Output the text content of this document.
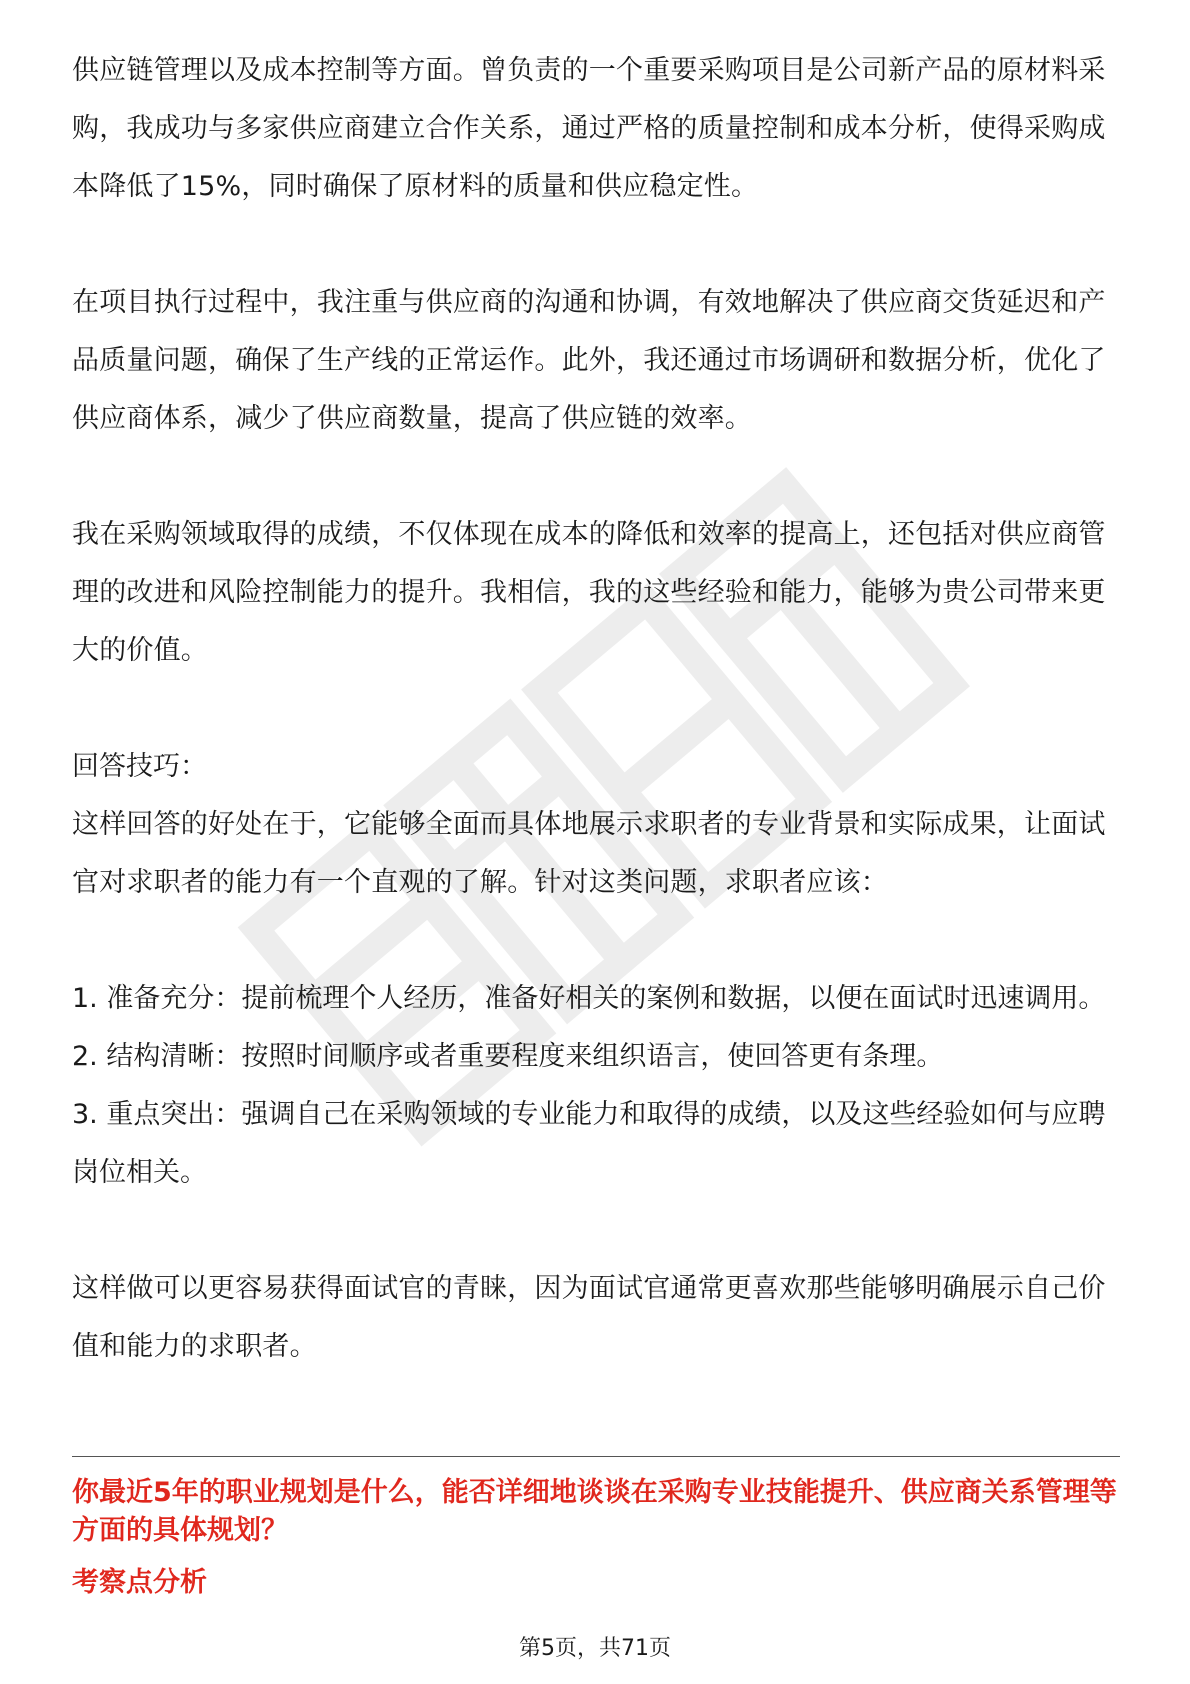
供应链管理以及成本控制等方面。曾负责的一个重要采购项目是公司新产品的原材料采购，我成功与多家供应商建立合作关系，通过严格的质量控制和成本分析，使得采购成本降低了15%，同时确保了原材料的质量和供应稳定性。

在项目执行过程中，我注重与供应商的沟通和协调，有效地解决了供应商交货延迟和产品质量问题，确保了生产线的正常运作。此外，我还通过市场调研和数据分析，优化了供应商体系，减少了供应商数量，提高了供应链的效率。

我在采购领域取得的成绩，不仅体现在成本的降低和效率的提高上，还包括对供应商管理的改进和风险控制能力的提升。我相信，我的这些经验和能力，能够为贵公司带来更大的价值。

回答技巧：

这样回答的好处在于，它能够全面而具体地展示求职者的专业背景和实际成果，让面试官对求职者的能力有一个直观的了解。针对这类问题，求职者应该：

1. 准备充分：提前梳理个人经历，准备好相关的案例和数据，以便在面试时迅速调用。

2. 结构清晰：按照时间顺序或者重要程度来组织语言，使回答更有条理。

3. 重点突出：强调自己在采购领域的专业能力和取得的成绩，以及这些经验如何与应聘岗位相关。

这样做可以更容易获得面试官的青睐，因为面试官通常更喜欢那些能够明确展示自己价值和能力的求职者。

你最近5年的职业规划是什么，能否详细地谈谈在采购专业技能提升、供应商关系管理等方面的具体规划？

考察点分析

第5页，共71页
